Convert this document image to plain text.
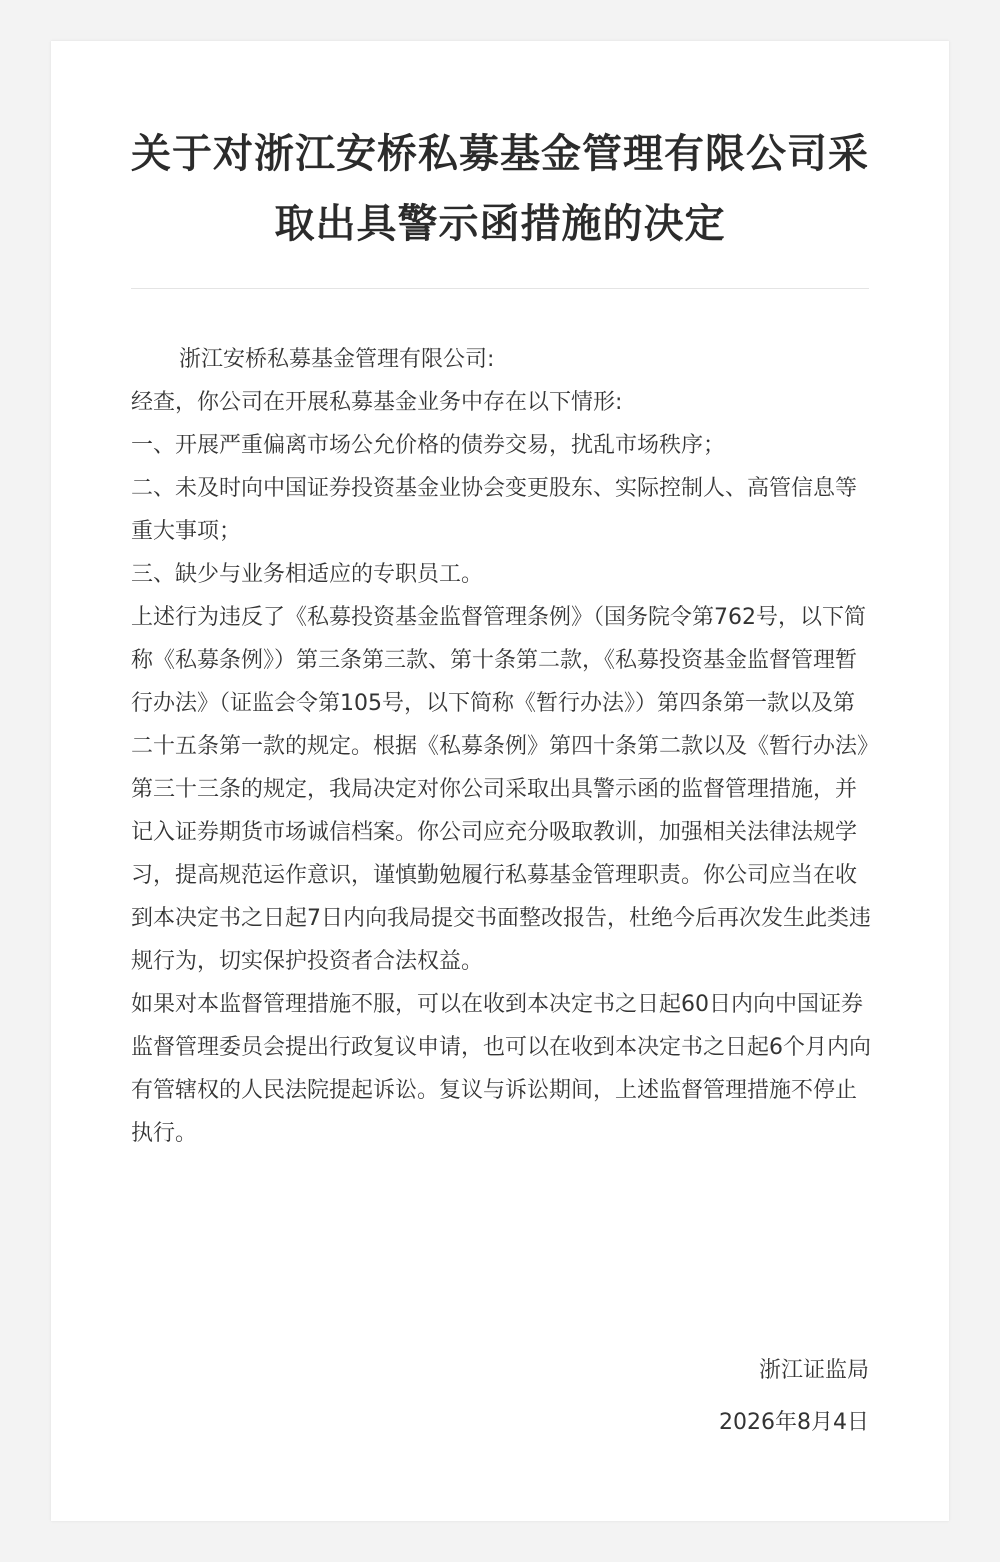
关于对浙江安桥私募基金管理有限公司采取出具警示函措施的决定

浙江安桥私募基金管理有限公司:

经查，你公司在开展私募基金业务中存在以下情形:

一、开展严重偏离市场公允价格的债券交易，扰乱市场秩序；

二、未及时向中国证券投资基金业协会变更股东、实际控制人、高管信息等重大事项；

三、缺少与业务相适应的专职员工。

上述行为违反了《私募投资基金监督管理条例》（国务院令第762号，以下简称《私募条例》）第三条第三款、第十条第二款，《私募投资基金监督管理暂行办法》（证监会令第105号，以下简称《暂行办法》）第四条第一款以及第二十五条第一款的规定。根据《私募条例》第四十条第二款以及《暂行办法》第三十三条的规定，我局决定对你公司采取出具警示函的监督管理措施，并记入证券期货市场诚信档案。你公司应充分吸取教训，加强相关法律法规学习，提高规范运作意识，谨慎勤勉履行私募基金管理职责。你公司应当在收到本决定书之日起7日内向我局提交书面整改报告，杜绝今后再次发生此类违规行为，切实保护投资者合法权益。

如果对本监督管理措施不服，可以在收到本决定书之日起60日内向中国证券监督管理委员会提出行政复议申请，也可以在收到本决定书之日起6个月内向有管辖权的人民法院提起诉讼。复议与诉讼期间，上述监督管理措施不停止执行。

浙江证监局
2026年8月4日
